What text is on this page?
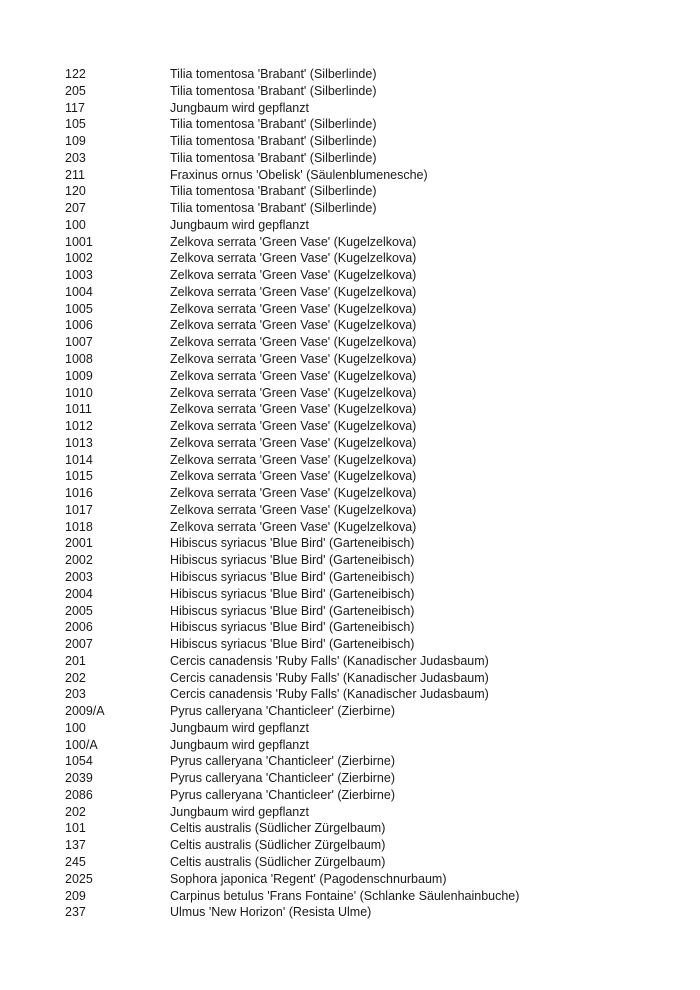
122	Tilia tomentosa 'Brabant' (Silberlinde)
205	Tilia tomentosa 'Brabant' (Silberlinde)
117	Jungbaum wird gepflanzt
105	Tilia tomentosa 'Brabant' (Silberlinde)
109	Tilia tomentosa 'Brabant' (Silberlinde)
203	Tilia tomentosa 'Brabant' (Silberlinde)
211	Fraxinus ornus 'Obelisk' (Säulenblumenesche)
120	Tilia tomentosa 'Brabant' (Silberlinde)
207	Tilia tomentosa 'Brabant' (Silberlinde)
100	Jungbaum wird gepflanzt
1001	Zelkova serrata 'Green Vase' (Kugelzelkova)
1002	Zelkova serrata 'Green Vase' (Kugelzelkova)
1003	Zelkova serrata 'Green Vase' (Kugelzelkova)
1004	Zelkova serrata 'Green Vase' (Kugelzelkova)
1005	Zelkova serrata 'Green Vase' (Kugelzelkova)
1006	Zelkova serrata 'Green Vase' (Kugelzelkova)
1007	Zelkova serrata 'Green Vase' (Kugelzelkova)
1008	Zelkova serrata 'Green Vase' (Kugelzelkova)
1009	Zelkova serrata 'Green Vase' (Kugelzelkova)
1010	Zelkova serrata 'Green Vase' (Kugelzelkova)
1011	Zelkova serrata 'Green Vase' (Kugelzelkova)
1012	Zelkova serrata 'Green Vase' (Kugelzelkova)
1013	Zelkova serrata 'Green Vase' (Kugelzelkova)
1014	Zelkova serrata 'Green Vase' (Kugelzelkova)
1015	Zelkova serrata 'Green Vase' (Kugelzelkova)
1016	Zelkova serrata 'Green Vase' (Kugelzelkova)
1017	Zelkova serrata 'Green Vase' (Kugelzelkova)
1018	Zelkova serrata 'Green Vase' (Kugelzelkova)
2001	Hibiscus syriacus 'Blue Bird' (Garteneibisch)
2002	Hibiscus syriacus 'Blue Bird' (Garteneibisch)
2003	Hibiscus syriacus 'Blue Bird' (Garteneibisch)
2004	Hibiscus syriacus 'Blue Bird' (Garteneibisch)
2005	Hibiscus syriacus 'Blue Bird' (Garteneibisch)
2006	Hibiscus syriacus 'Blue Bird' (Garteneibisch)
2007	Hibiscus syriacus 'Blue Bird' (Garteneibisch)
201	Cercis canadensis 'Ruby Falls' (Kanadischer Judasbaum)
202	Cercis canadensis 'Ruby Falls' (Kanadischer Judasbaum)
203	Cercis canadensis 'Ruby Falls' (Kanadischer Judasbaum)
2009/A	Pyrus calleryana 'Chanticleer' (Zierbirne)
100	Jungbaum wird gepflanzt
100/A	Jungbaum wird gepflanzt
1054	Pyrus calleryana 'Chanticleer' (Zierbirne)
2039	Pyrus calleryana 'Chanticleer' (Zierbirne)
2086	Pyrus calleryana 'Chanticleer' (Zierbirne)
202	Jungbaum wird gepflanzt
101	Celtis australis (Südlicher Zürgelbaum)
137	Celtis australis (Südlicher Zürgelbaum)
245	Celtis australis (Südlicher Zürgelbaum)
2025	Sophora japonica 'Regent' (Pagodenschnurbaum)
209	Carpinus betulus 'Frans Fontaine' (Schlanke Säulenhainbuche)
237	Ulmus 'New Horizon' (Resista Ulme)
